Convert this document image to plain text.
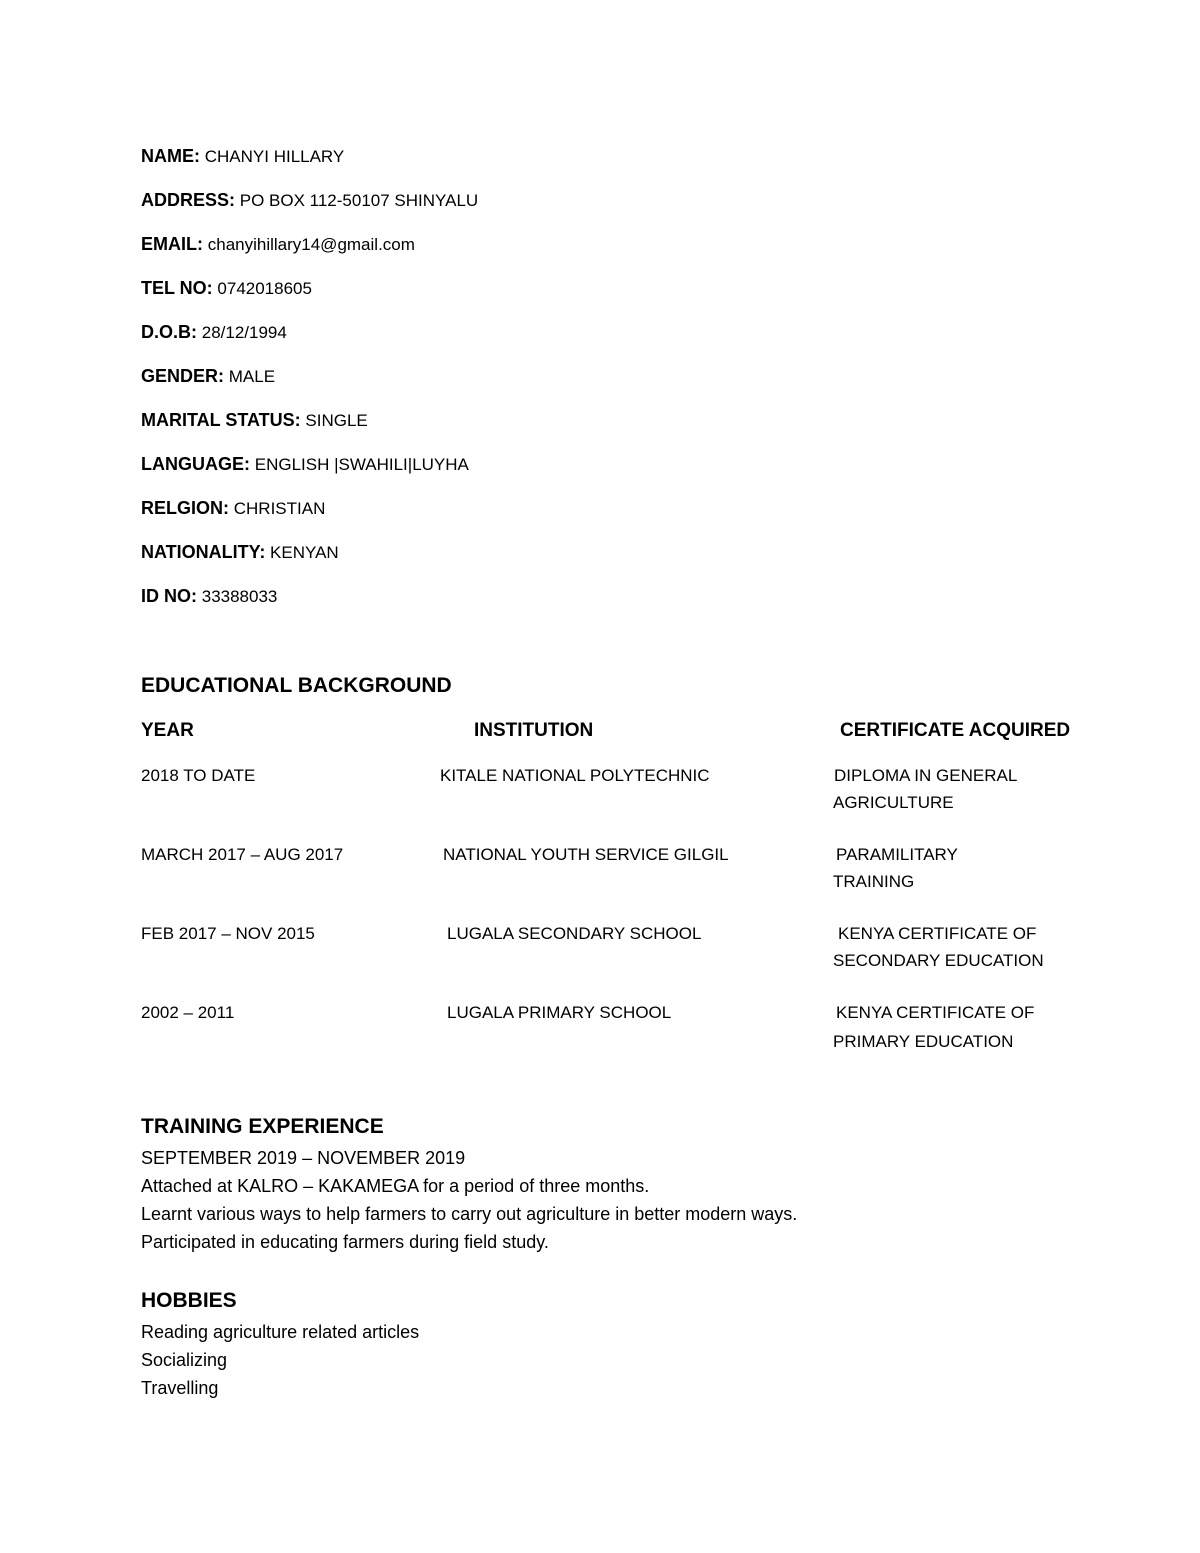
NAME: CHANYI HILLARY
ADDRESS: PO BOX 112-50107 SHINYALU
EMAIL: chanyihillary14@gmail.com
TEL NO: 0742018605
D.O.B: 28/12/1994
GENDER: MALE
MARITAL STATUS: SINGLE
LANGUAGE: ENGLISH |SWAHILI|LUYHA
RELGION: CHRISTIAN
NATIONALITY: KENYAN
ID NO: 33388033
EDUCATIONAL BACKGROUND
YEAR	INSTITUTION	CERTIFICATE ACQUIRED
2018 TO DATE	KITALE NATIONAL POLYTECHNIC	DIPLOMA IN GENERAL
AGRICULTURE
MARCH 2017 – AUG 2017	NATIONAL YOUTH SERVICE GILGIL	PARAMILITARY
TRAINING
FEB 2017 – NOV 2015	LUGALA SECONDARY SCHOOL	KENYA CERTIFICATE OF
SECONDARY EDUCATION
2002 – 2011	LUGALA PRIMARY SCHOOL	KENYA CERTIFICATE OF
PRIMARY EDUCATION
TRAINING EXPERIENCE
SEPTEMBER 2019 – NOVEMBER 2019
Attached at KALRO – KAKAMEGA for a period of three months.
Learnt various ways to help farmers to carry out agriculture in better modern ways.
Participated in educating farmers during field study.
HOBBIES
Reading agriculture related articles
Socializing
Travelling
